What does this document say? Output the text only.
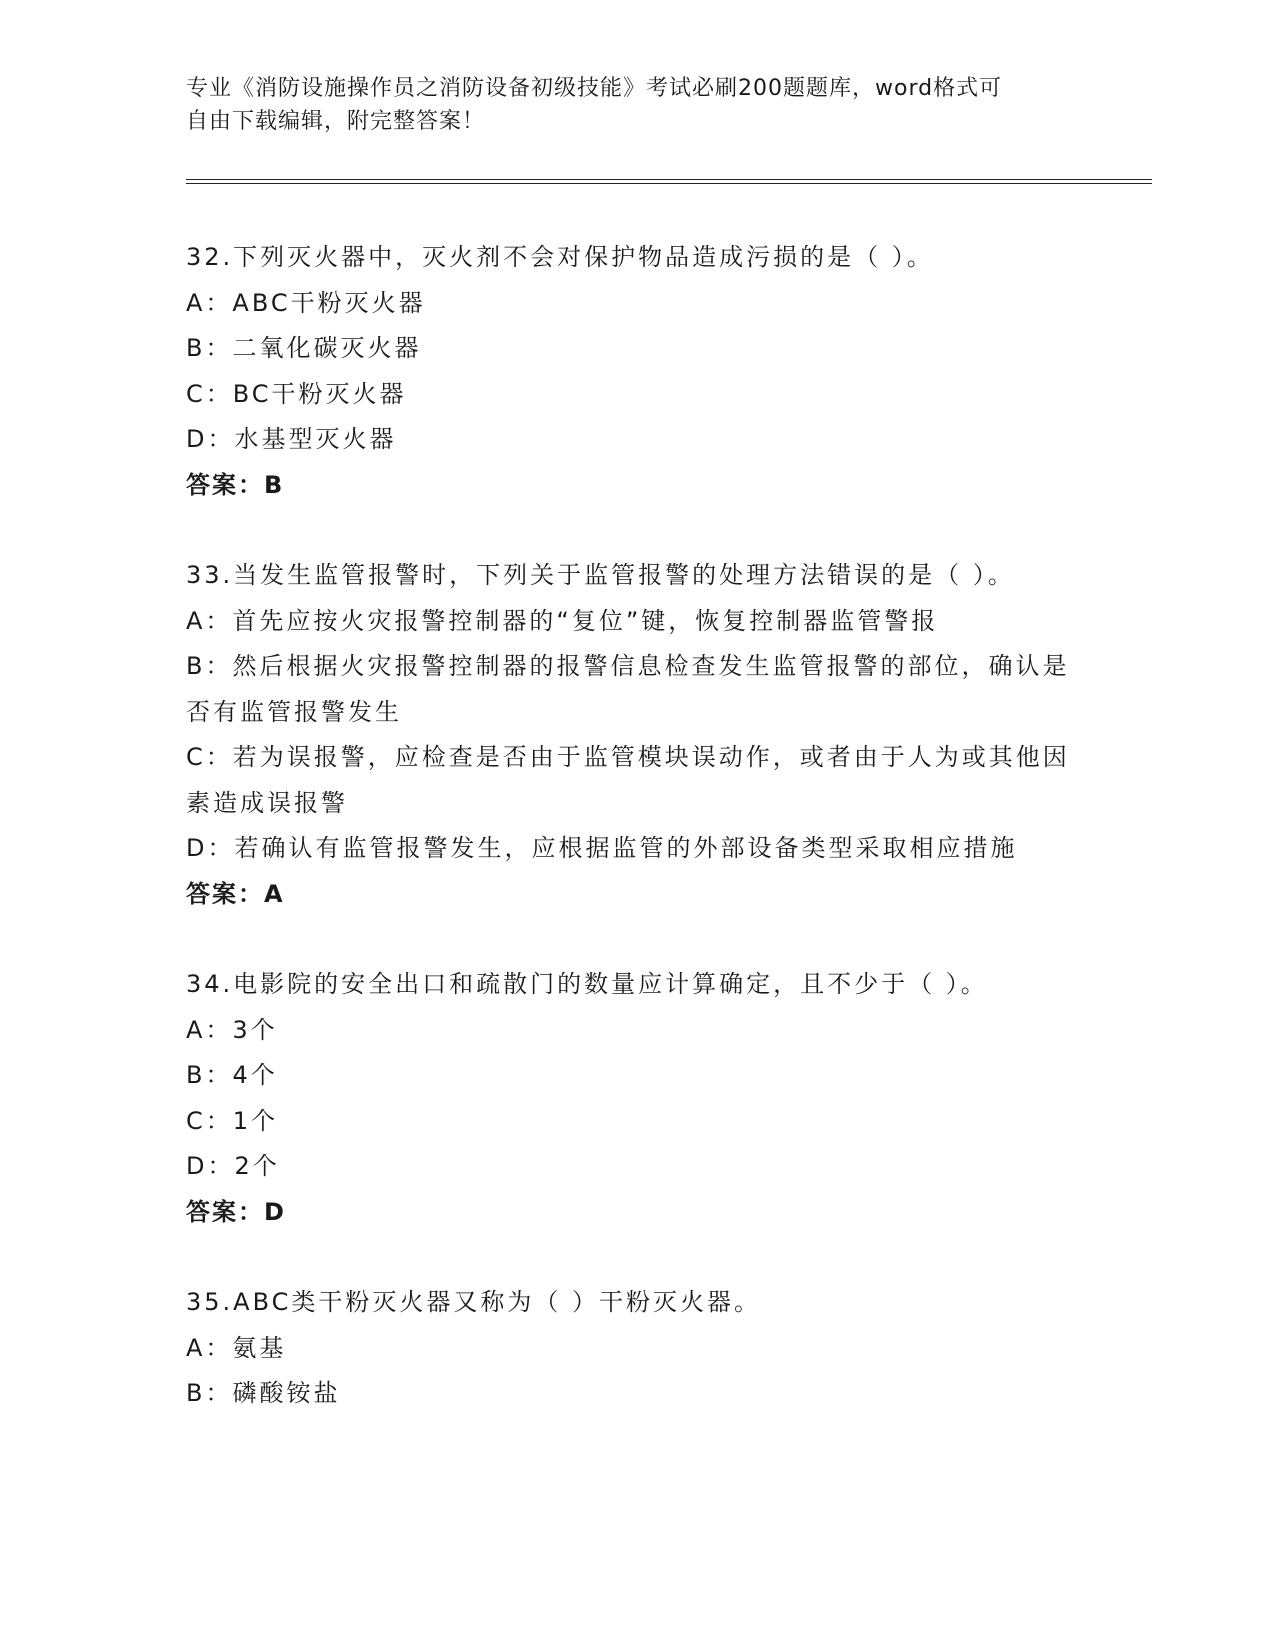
专业《消防设施操作员之消防设备初级技能》考试必刷200题题库，word格式可
自由下载编辑，附完整答案！
32.下列灭火器中，灭火剂不会对保护物品造成污损的是（ ）。
A：ABC干粉灭火器
B：二氧化碳灭火器
C：BC干粉灭火器
D：水基型灭火器
答案：B
33.当发生监管报警时，下列关于监管报警的处理方法错误的是（ ）。
A：首先应按火灾报警控制器的“复位”键，恢复控制器监管警报
B：然后根据火灾报警控制器的报警信息检查发生监管报警的部位，确认是否有监管报警发生
C：若为误报警，应检查是否由于监管模块误动作，或者由于人为或其他因素造成误报警
D：若确认有监管报警发生，应根据监管的外部设备类型采取相应措施
答案：A
34.电影院的安全出口和疏散门的数量应计算确定，且不少于（ ）。
A：3个
B：4个
C：1个
D：2个
答案：D
35.ABC类干粉灭火器又称为（ ）干粉灭火器。
A：氨基
B：磷酸铵盐
